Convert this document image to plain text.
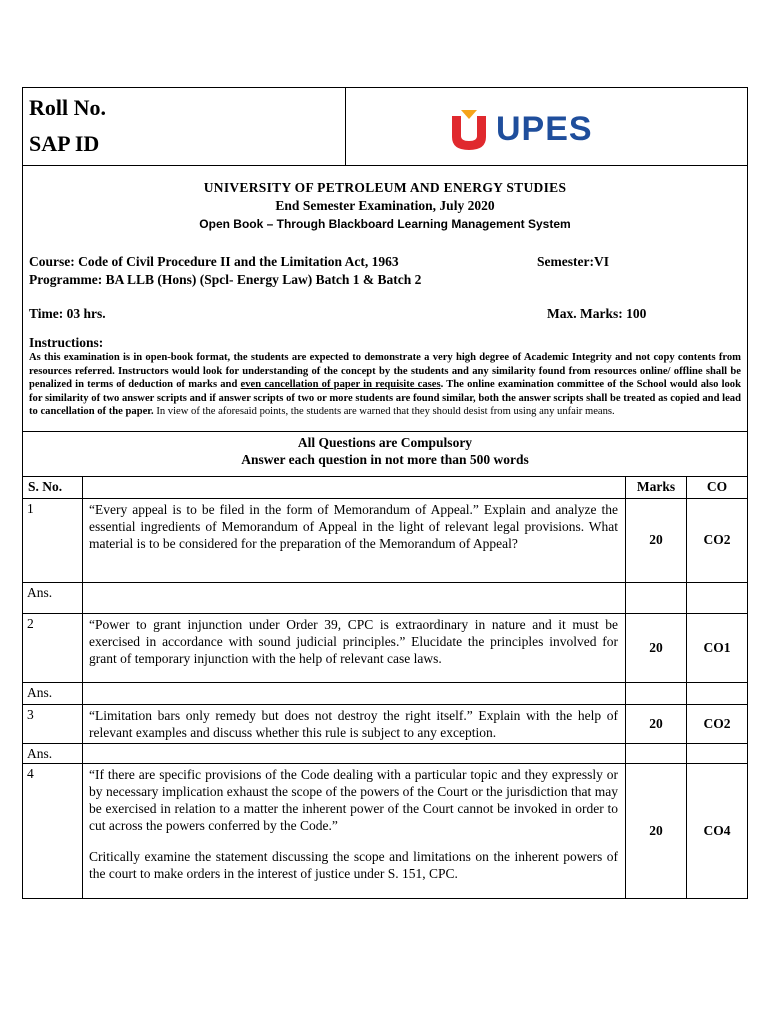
Roll No.
SAP ID	UPES

UNIVERSITY OF PETROLEUM AND ENERGY STUDIES
End Semester Examination, July 2020
Open Book – Through Blackboard Learning Management System
Course: Code of Civil Procedure II and the Limitation Act, 1963	Semester:VI
Programme: BA LLB (Hons) (Spcl- Energy Law) Batch 1 & Batch 2
Time: 03 hrs.	Max. Marks: 100
Instructions:
As this examination is in open-book format, the students are expected to demonstrate a very high degree of Academic Integrity and not copy contents from resources referred. Instructors would look for understanding of the concept by the students and any similarity found from resources online/ offline shall be penalized in terms of deduction of marks and even cancellation of paper in requisite cases. The online examination committee of the School would also look for similarity of two answer scripts and if answer scripts of two or more students are found similar, both the answer scripts shall be treated as copied and lead to cancellation of the paper. In view of the aforesaid points, the students are warned that they should desist from using any unfair means.

All Questions are Compulsory
Answer each question in not more than 500 words
S. No.		Marks	CO
1	“Every appeal is to be filed in the form of Memorandum of Appeal.” Explain and analyze the essential ingredients of Memorandum of Appeal in the light of relevant legal provisions. What material is to be considered for the preparation of the Memorandum of Appeal?	20	CO2
Ans.			
2	“Power to grant injunction under Order 39, CPC is extraordinary in nature and it must be exercised in accordance with sound judicial principles.” Elucidate the principles involved for grant of temporary injunction with the help of relevant case laws.	20	CO1
Ans.			
3	“Limitation bars only remedy but does not destroy the right itself.” Explain with the help of relevant examples and discuss whether this rule is subject to any exception.	20	CO2
Ans.			
4	“If there are specific provisions of the Code dealing with a particular topic and they expressly or by necessary implication exhaust the scope of the powers of the Court or the jurisdiction that may be exercised in relation to a matter the inherent power of the Court cannot be invoked in order to cut across the powers conferred by the Code.”
Critically examine the statement discussing the scope and limitations on the inherent powers of the court to make orders in the interest of justice under S. 151, CPC.	20	CO4
